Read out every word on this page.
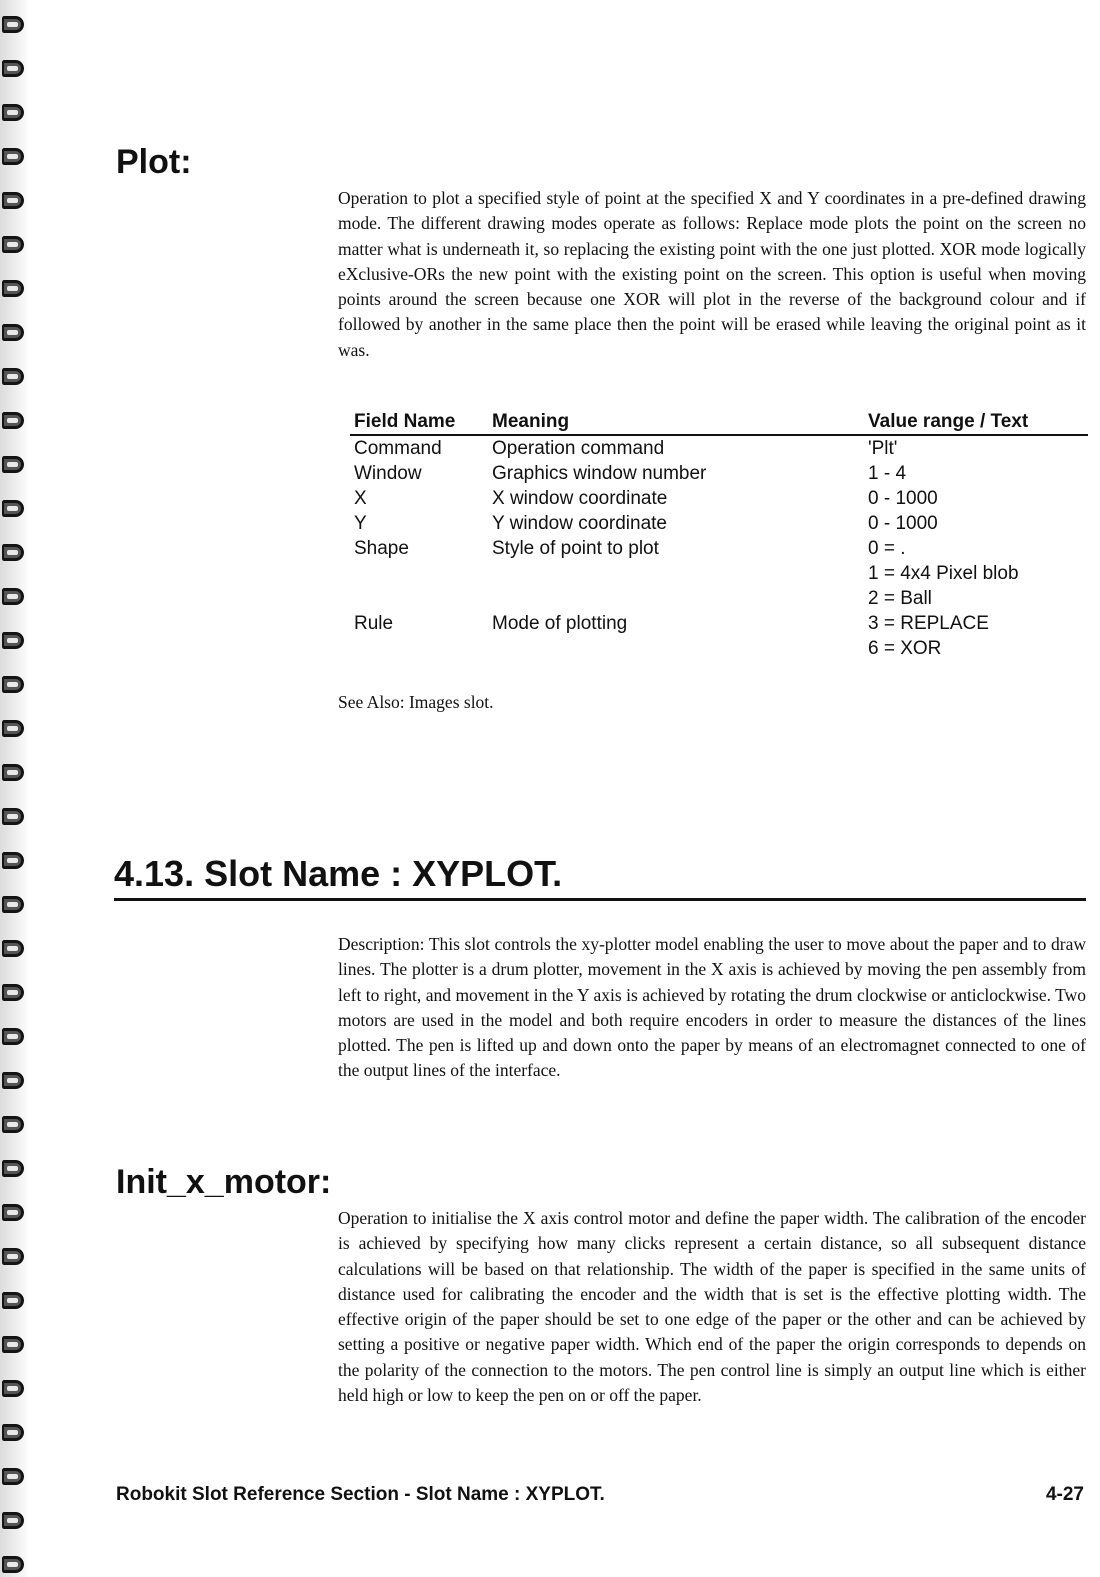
Plot:

Operation to plot a specified style of point at the specified X and Y coordinates in a pre-defined drawing mode. The different drawing modes operate as follows: Replace mode plots the point on the screen no matter what is underneath it, so replacing the existing point with the one just plotted. XOR mode logically eXclusive-ORs the new point with the existing point on the screen. This option is useful when moving points around the screen because one XOR will plot in the reverse of the background colour and if followed by another in the same place then the point will be erased while leaving the original point as it was.

Field Name	Meaning	Value range / Text
Command	Operation command	'Plt'
Window	Graphics window number	1 - 4
X	X window coordinate	0 - 1000
Y	Y window coordinate	0 - 1000
Shape	Style of point to plot	0 = .
		1 = 4x4 Pixel blob
		2 = Ball
Rule	Mode of plotting	3 = REPLACE
		6 = XOR

See Also: Images slot.

4.13. Slot Name : XYPLOT.

Description: This slot controls the xy-plotter model enabling the user to move about the paper and to draw lines. The plotter is a drum plotter, movement in the X axis is achieved by moving the pen assembly from left to right, and movement in the Y axis is achieved by rotating the drum clockwise or anticlockwise. Two motors are used in the model and both require encoders in order to measure the distances of the lines plotted. The pen is lifted up and down onto the paper by means of an electromagnet connected to one of the output lines of the interface.

Init_x_motor:

Operation to initialise the X axis control motor and define the paper width. The calibration of the encoder is achieved by specifying how many clicks represent a certain distance, so all subsequent distance calculations will be based on that relationship. The width of the paper is specified in the same units of distance used for calibrating the encoder and the width that is set is the effective plotting width. The effective origin of the paper should be set to one edge of the paper or the other and can be achieved by setting a positive or negative paper width. Which end of the paper the origin corresponds to depends on the polarity of the connection to the motors. The pen control line is simply an output line which is either held high or low to keep the pen on or off the paper.

Robokit Slot Reference Section - Slot Name : XYPLOT.	4-27
